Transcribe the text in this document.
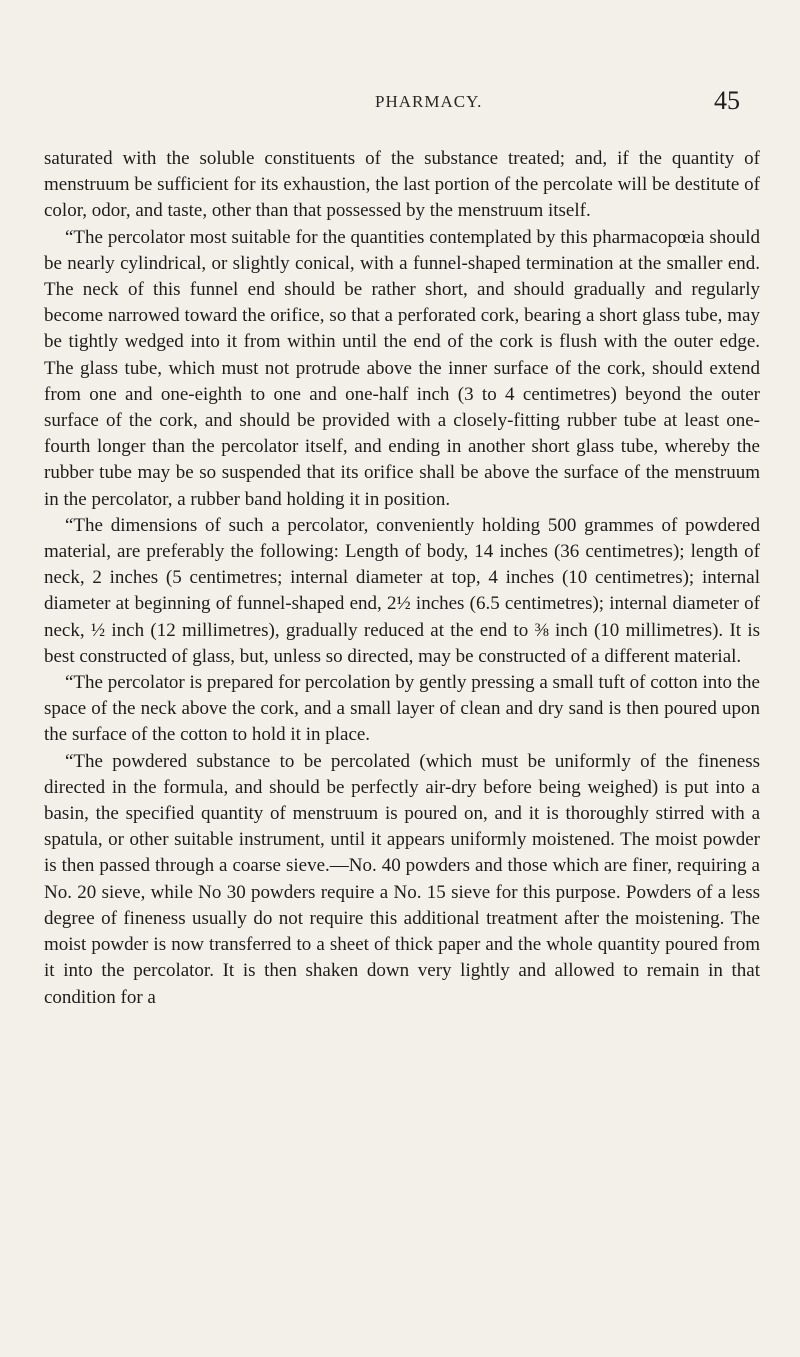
PHARMACY.	45

saturated with the soluble constituents of the substance treated; and, if the quantity of menstruum be sufficient for its exhaustion, the last portion of the percolate will be destitute of color, odor, and taste, other than that possessed by the menstruum itself.

“The percolator most suitable for the quantities contemplated by this pharmacopœia should be nearly cylindrical, or slightly conical, with a funnel-shaped termination at the smaller end. The neck of this funnel end should be rather short, and should gradually and regularly become narrowed toward the orifice, so that a perforated cork, bearing a short glass tube, may be tightly wedged into it from within until the end of the cork is flush with the outer edge. The glass tube, which must not protrude above the inner surface of the cork, should extend from one and one-eighth to one and one-half inch (3 to 4 centimetres) beyond the outer surface of the cork, and should be provided with a closely-fitting rubber tube at least one-fourth longer than the percolator itself, and ending in another short glass tube, whereby the rubber tube may be so suspended that its orifice shall be above the surface of the menstruum in the percolator, a rubber band holding it in position.

“The dimensions of such a percolator, conveniently holding 500 grammes of powdered material, are preferably the following: Length of body, 14 inches (36 centimetres); length of neck, 2 inches (5 centimetres; internal diameter at top, 4 inches (10 centimetres); internal diameter at beginning of funnel-shaped end, 2½ inches (6.5 centimetres); internal diameter of neck, ½ inch (12 millimetres), gradually reduced at the end to ⅜ inch (10 millimetres). It is best constructed of glass, but, unless so directed, may be constructed of a different material.

“The percolator is prepared for percolation by gently pressing a small tuft of cotton into the space of the neck above the cork, and a small layer of clean and dry sand is then poured upon the surface of the cotton to hold it in place.

“The powdered substance to be percolated (which must be uniformly of the fineness directed in the formula, and should be perfectly air-dry before being weighed) is put into a basin, the specified quantity of menstruum is poured on, and it is thoroughly stirred with a spatula, or other suitable instrument, until it appears uniformly moistened. The moist powder is then passed through a coarse sieve.—No. 40 powders and those which are finer, requiring a No. 20 sieve, while No 30 powders require a No. 15 sieve for this purpose. Powders of a less degree of fineness usually do not require this additional treatment after the moistening. The moist powder is now transferred to a sheet of thick paper and the whole quantity poured from it into the percolator. It is then shaken down very lightly and allowed to remain in that condition for a
